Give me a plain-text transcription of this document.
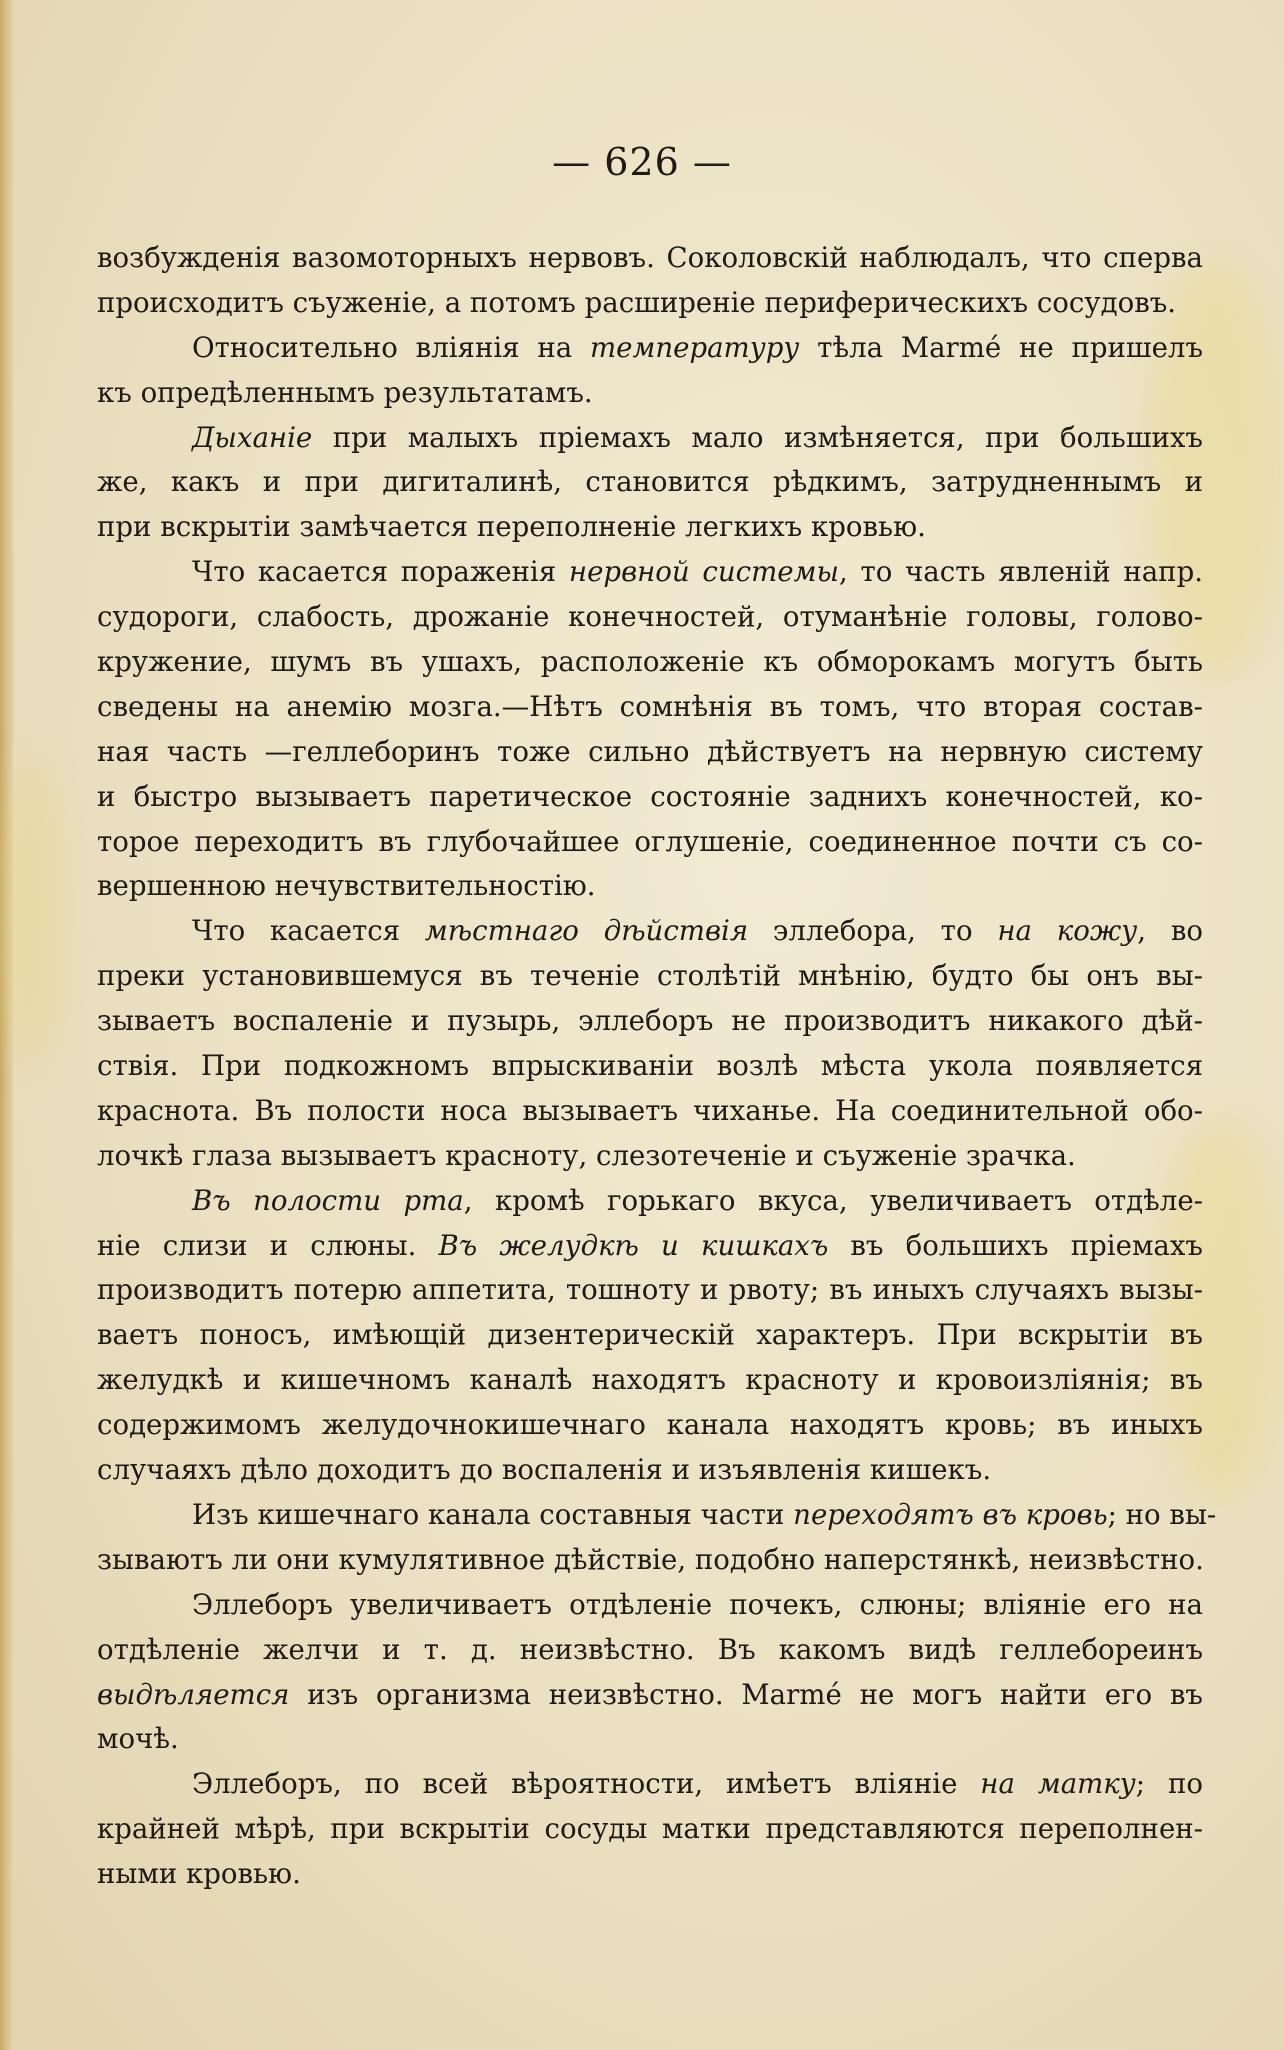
— 626 —
возбужденія вазомоторныхъ нервовъ. Соколовскій наблюдалъ, что сперва
происходитъ съуженіе, а потомъ расширеніе периферическихъ сосудовъ.
Относительно вліянія на температуру тѣла Marmé не пришелъ
къ опредѣленнымъ результатамъ.
Дыханіе при малыхъ пріемахъ мало измѣняется, при большихъ
же, какъ и при дигиталинѣ, становится рѣдкимъ, затрудненнымъ и
при вскрытіи замѣчается переполненіе легкихъ кровью.
Что касается пораженія нервной системы, то часть явленій напр.
судороги, слабость, дрожаніе конечностей, отуманѣніе головы, голово-
кружение, шумъ въ ушахъ, расположеніе къ обморокамъ могутъ быть
сведены на анемію мозга.—Нѣтъ сомнѣнія въ томъ, что вторая состав-
ная часть —геллеборинъ тоже сильно дѣйствуетъ на нервную систему
и быстро вызываетъ паретическое состояніе заднихъ конечностей, ко-
торое переходитъ въ глубочайшее оглушеніе, соединенное почти съ со-
вершенною нечувствительностію.
Что касается мѣстнаго дѣйствія эллебора, то на кожу, во
преки установившемуся въ теченіе столѣтій мнѣнію, будто бы онъ вы-
зываетъ воспаленіе и пузырь, эллеборъ не производитъ никакого дѣй-
ствія. При подкожномъ впрыскиваніи возлѣ мѣста укола появляется
краснота. Въ полости носа вызываетъ чиханье. На соединительной обо-
лочкѣ глаза вызываетъ краснoту, слезотеченіе и съуженіе зрачка.
Въ полости рта, кромѣ горькаго вкуса, увеличиваетъ отдѣле-
ніе слизи и слюны. Въ желудкѣ и кишкахъ въ большихъ пріемахъ
производитъ потерю аппетита, тошноту и рвоту; въ иныхъ случаяхъ вызы-
ваетъ поносъ, имѣющій дизентерическій характеръ. При вскрытіи въ
желудкѣ и кишечномъ каналѣ находятъ красноту и кровоизліянія; въ
содержимомъ желудочнокишечнаго канала находятъ кровь; въ иныхъ
случаяхъ дѣло доходитъ до воспаленія и изъявленія кишекъ.
Изъ кишечнаго канала составныя части переходятъ въ кровь; но вы-
зываютъ ли они кумулятивное дѣйствіе, подобно наперстянкѣ, неизвѣстно.
Эллеборъ увеличиваетъ отдѣленіе почекъ, слюны; вліяніе его на
отдѣленіе желчи и т. д. неизвѣстно. Въ какомъ видѣ геллебореинъ
выдѣляется изъ организма неизвѣстно. Marmé не могъ найти его въ
мочѣ.
Эллеборъ, по всей вѣроятности, имѣетъ вліяніе на матку; по
крайней мѣрѣ, при вскрытіи сосуды матки представляются переполнен-
ными кровью.
